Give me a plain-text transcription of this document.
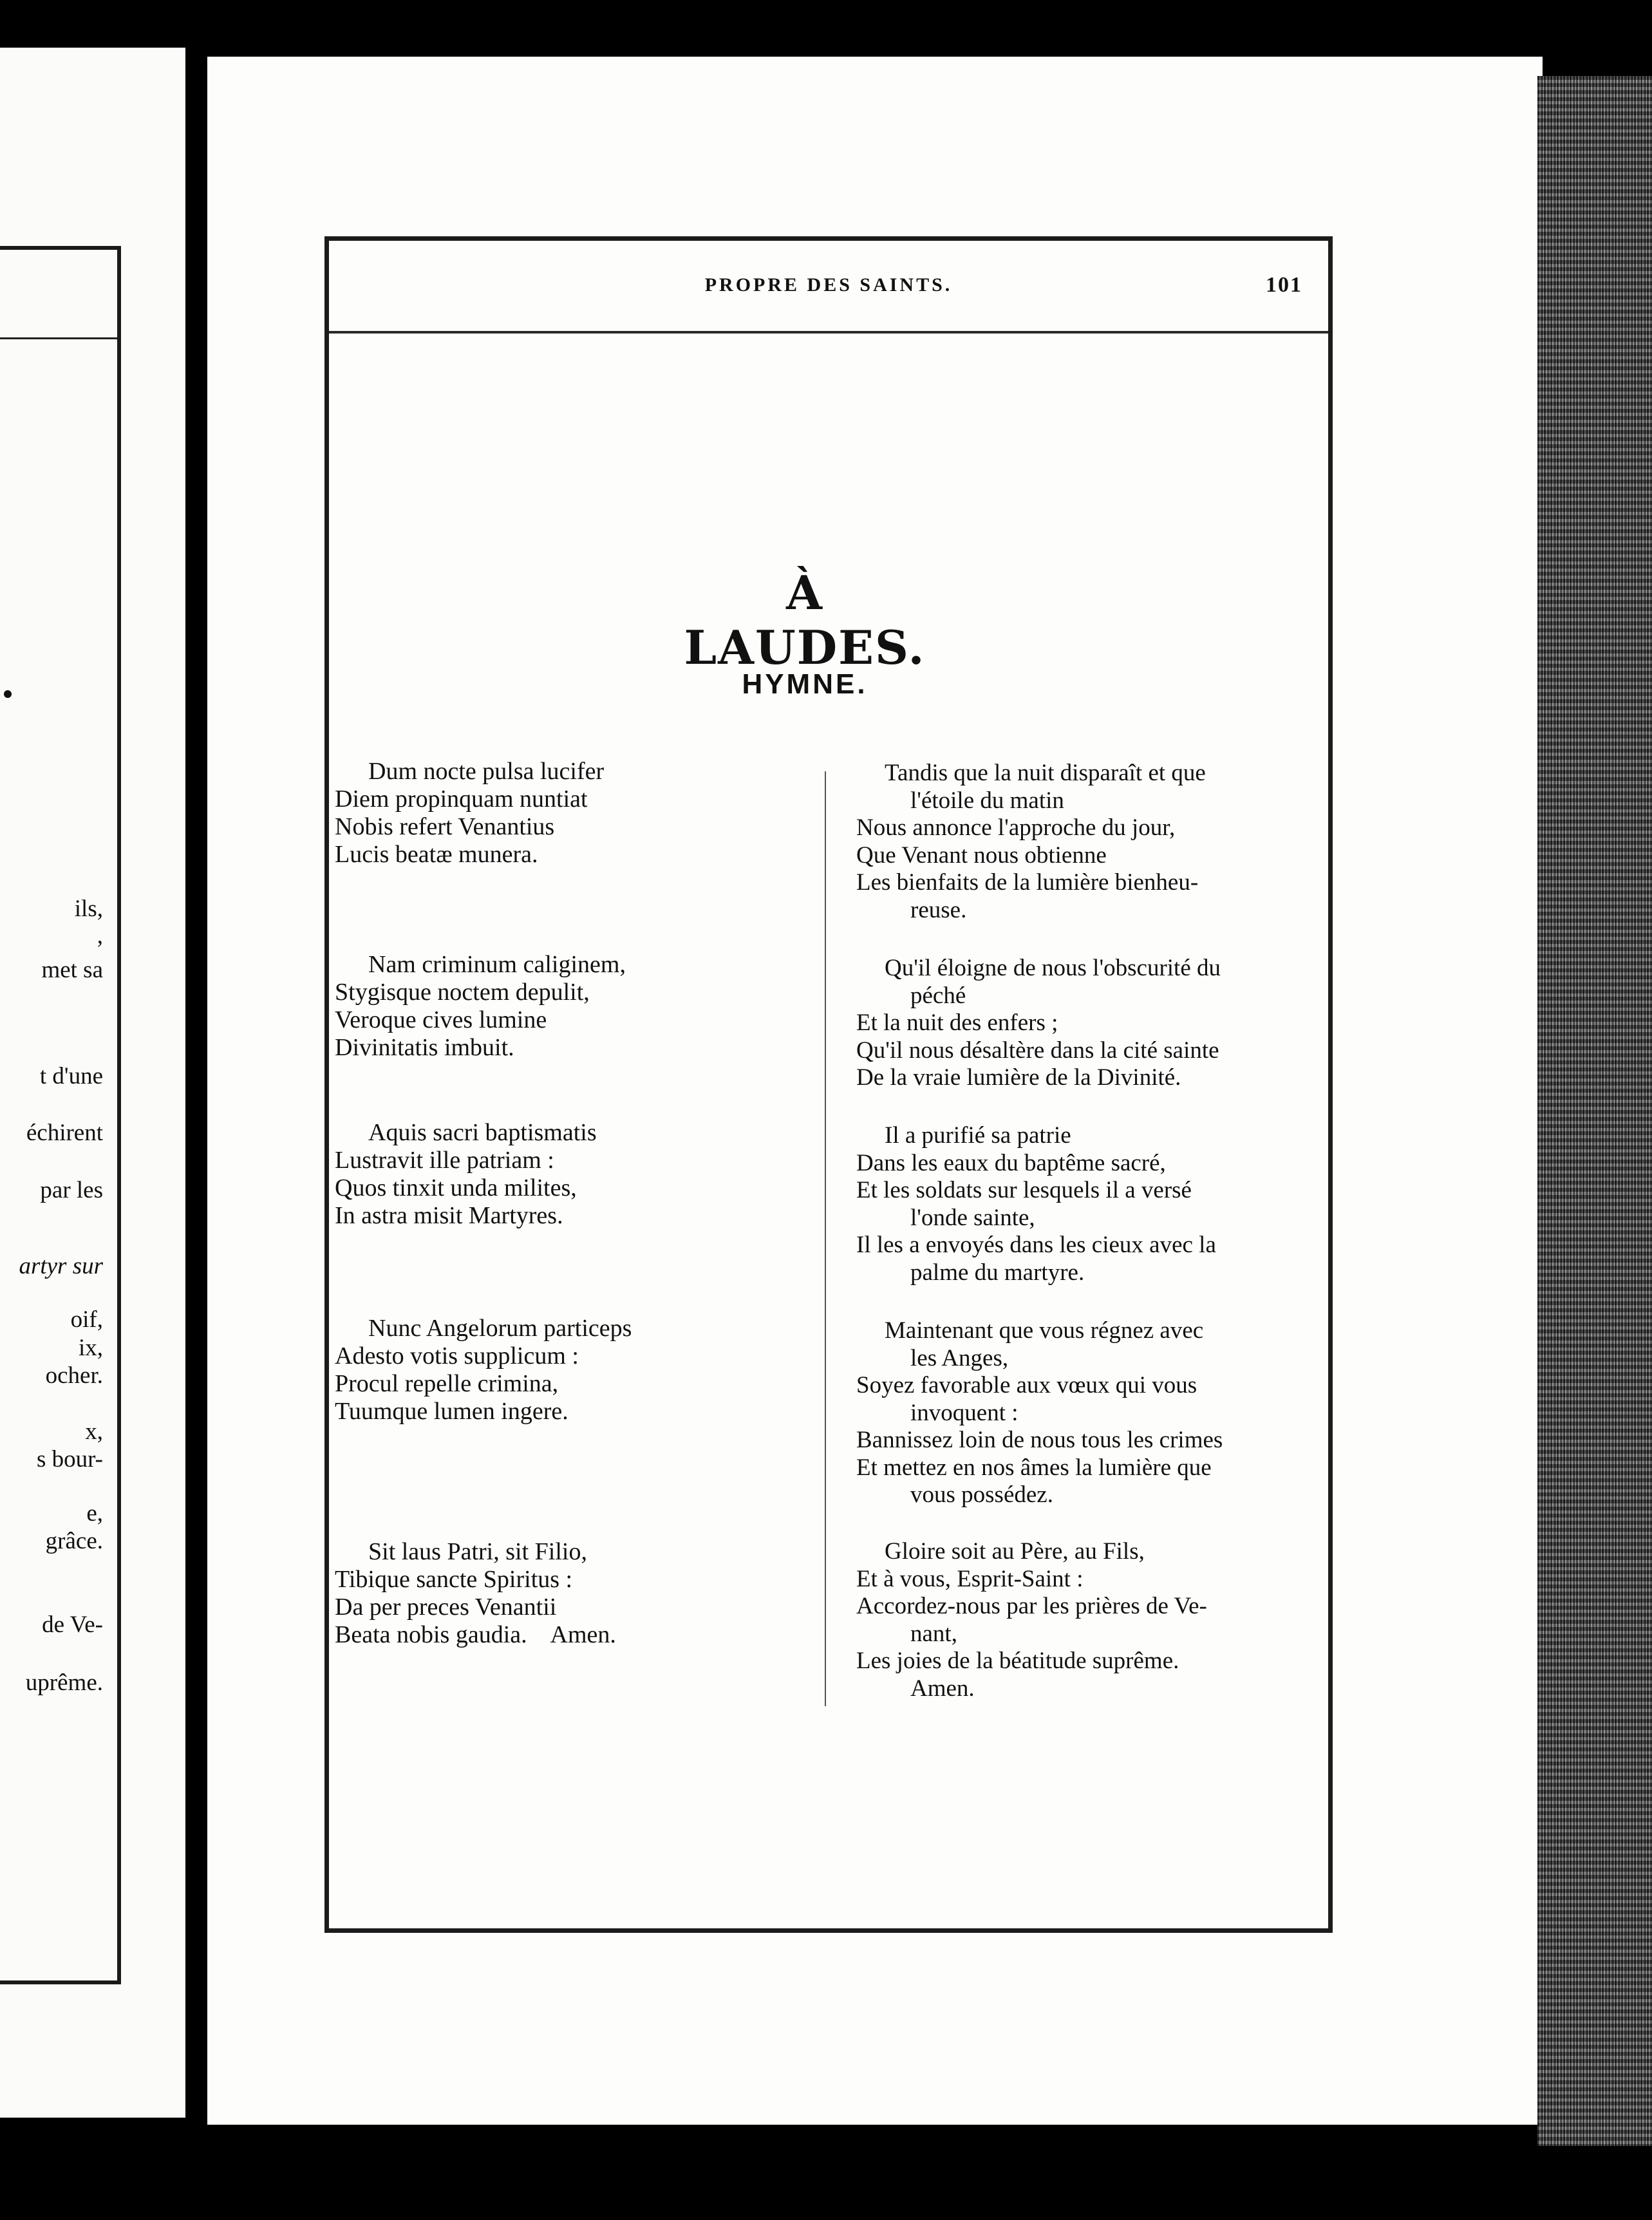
ils,
,
met sa
t d'une
échirent
par les
artyr sur
oif,
ix,
ocher.
x,
s bour-
e,
grâce.
de Ve-
uprême.
PROPRE DES SAINTS.	101
À LAUDES.
HYMNE.
Dum nocte pulsa lucifer
Diem propinquam nuntiat
Nobis refert Venantius
Lucis beatæ munera.
Nam criminum caliginem,
Stygisque noctem depulit,
Veroque cives lumine
Divinitatis imbuit.
Aquis sacri baptismatis
Lustravit ille patriam :
Quos tinxit unda milites,
In astra misit Martyres.
Nunc Angelorum particeps
Adesto votis supplicum :
Procul repelle crimina,
Tuumque lumen ingere.
Sit laus Patri, sit Filio,
Tibique sancte Spiritus :
Da per preces Venantii
Beata nobis gaudia.    Amen.
Tandis que la nuit disparaît et que
l'étoile du matin
Nous annonce l'approche du jour,
Que Venant nous obtienne
Les bienfaits de la lumière bienheu-
reuse.
Qu'il éloigne de nous l'obscurité du
péché
Et la nuit des enfers ;
Qu'il nous désaltère dans la cité sainte
De la vraie lumière de la Divinité.
Il a purifié sa patrie
Dans les eaux du baptême sacré,
Et les soldats sur lesquels il a versé
l'onde sainte,
Il les a envoyés dans les cieux avec la
palme du martyre.
Maintenant que vous régnez avec
les Anges,
Soyez favorable aux vœux qui vous
invoquent :
Bannissez loin de nous tous les crimes
Et mettez en nos âmes la lumière que
vous possédez.
Gloire soit au Père, au Fils,
Et à vous, Esprit-Saint :
Accordez-nous par les prières de Ve-
nant,
Les joies de la béatitude suprême.
Amen.
